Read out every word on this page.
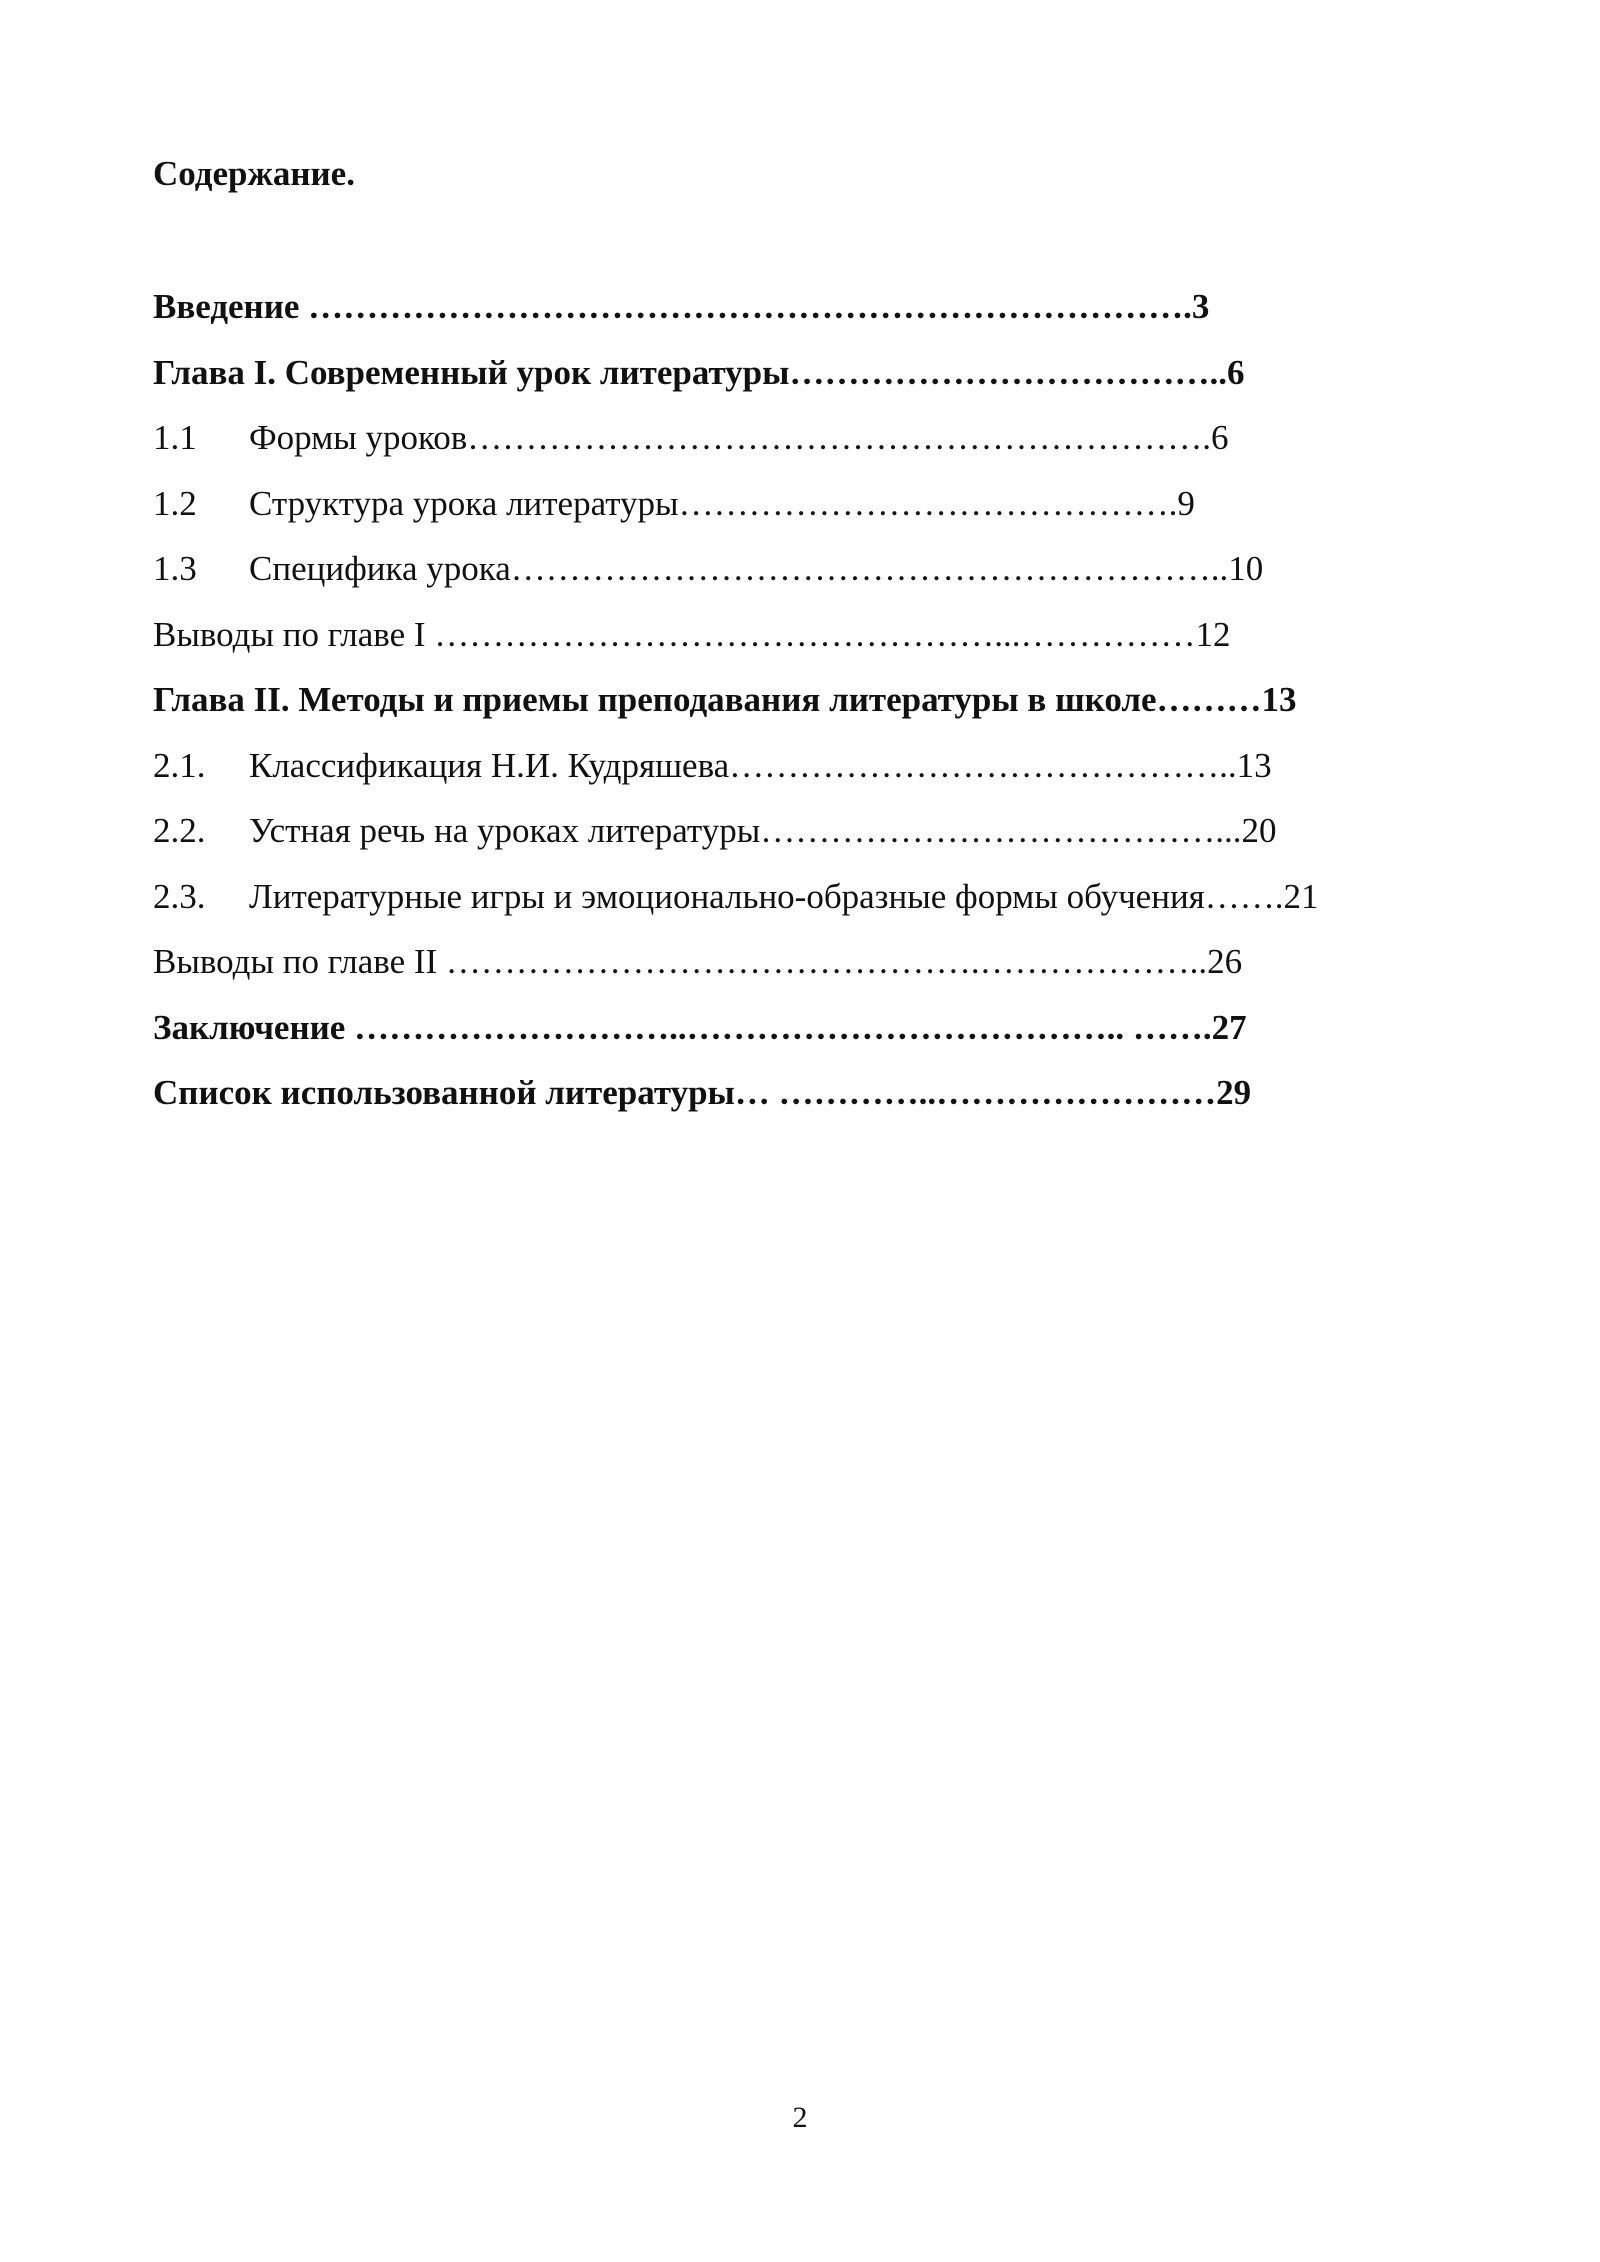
Содержание.
Введение ………………………………………………………………….3
Глава I. Современный урок литературы………………………………..6
1.1 Формы уроков……………………………………………………….6
1.2 Структура урока литературы…………………………………….9
1.3 Специфика урока……………………………………………………..10
Выводы по главе I …………………………………………...……………12
Глава II. Методы и приемы преподавания литературы в школе………13
2.1. Классификация Н.И. Кудряшева……………………………………..13
2.2. Устная речь на уроках литературы…………………………………...20
2.3. Литературные игры и эмоционально-образные формы обучения…….21
Выводы по главе II ……………………………………….………………..26
Заключение ………………………..……………………………….. …….27
Список использованной литературы… …………..……………………29
2
